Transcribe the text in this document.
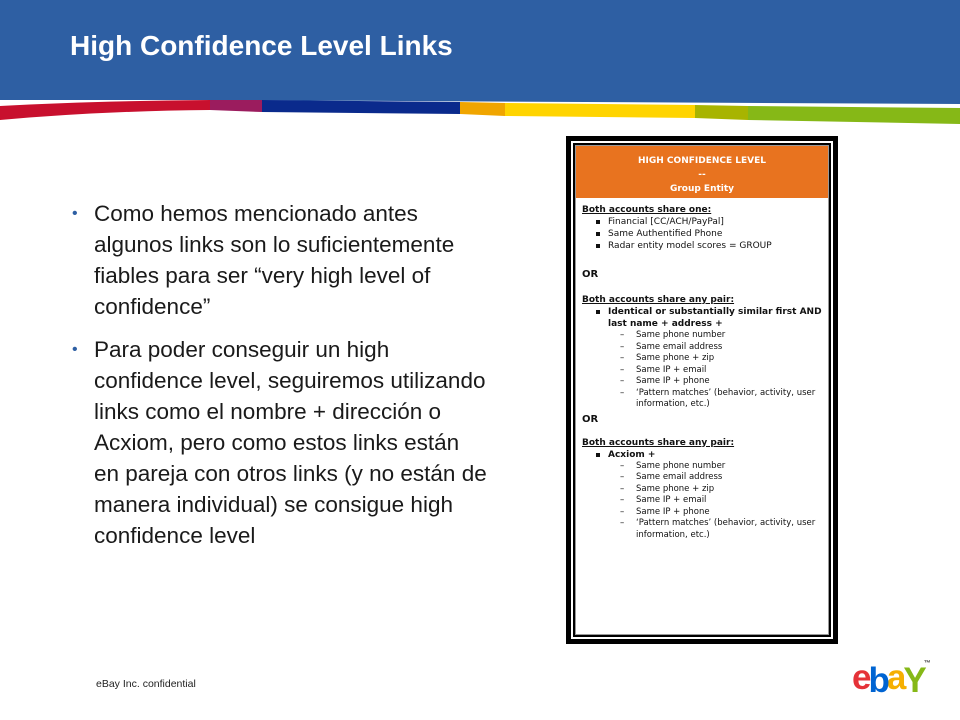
High Confidence Level Links
• Como hemos mencionado antes algunos links son lo suficientemente fiables para ser “very high level of confidence”
• Para poder conseguir un high confidence level, seguiremos utilizando links como el nombre + dirección o Acxiom, pero como estos links están en pareja con otros links (y no están de manera individual) se consigue high confidence level
HIGH CONFIDENCE LEVEL
--
Group Entity
Both accounts share one:
Financial [CC/ACH/PayPal]
Same Authentified Phone
Radar entity model scores = GROUP
OR
Both accounts share any pair:
Identical or substantially similar first AND last name + address +
– Same phone number
– Same email address
– Same phone + zip
– Same IP + email
– Same IP + phone
– ‘Pattern matches’ (behavior, activity, user information, etc.)
OR
Both accounts share any pair:
Acxiom +
– Same phone number
– Same email address
– Same phone + zip
– Same IP + email
– Same IP + phone
– ‘Pattern matches’ (behavior, activity, user information, etc.)
eBay Inc. confidential	ebaY™
